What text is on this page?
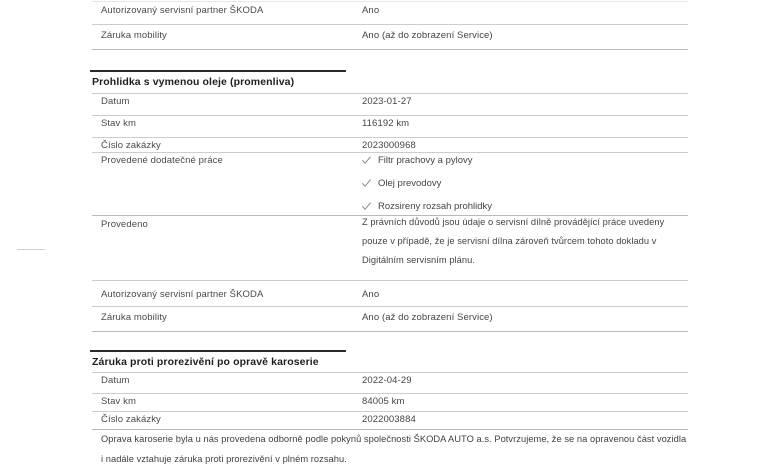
Autorizovaný servisní partner ŠKODA	Ano
Záruka mobility	Ano (až do zobrazení Service)
Prohlidka s vymenou oleje (promenliva)
Datum	2023-01-27
Stav km	116192 km
Číslo zakázky	2023000968
Provedené dodatečné práce	Filtr prachovy a pylovy
Olej prevodovy
Rozsireny rozsah prohlidky
Provedeno	Z právních důvodů jsou údaje o servisní dílně provádějící práce uvedeny pouze v případě, že je servisní dílna zároveň tvůrcem tohoto dokladu v Digitálním servisním plánu.
Autorizovaný servisní partner ŠKODA	Ano
Záruka mobility	Ano (až do zobrazení Service)
Záruka proti prorezivění po opravě karoserie
Datum	2022-04-29
Stav km	84005 km
Číslo zakázky	2022003884
Oprava karoserie byla u nás provedena odborně podle pokynů společnosti ŠKODA AUTO a.s. Potvrzujeme, že se na opravenou část vozidla i nadále vztahuje záruka proti prorezivění v plném rozsahu.
